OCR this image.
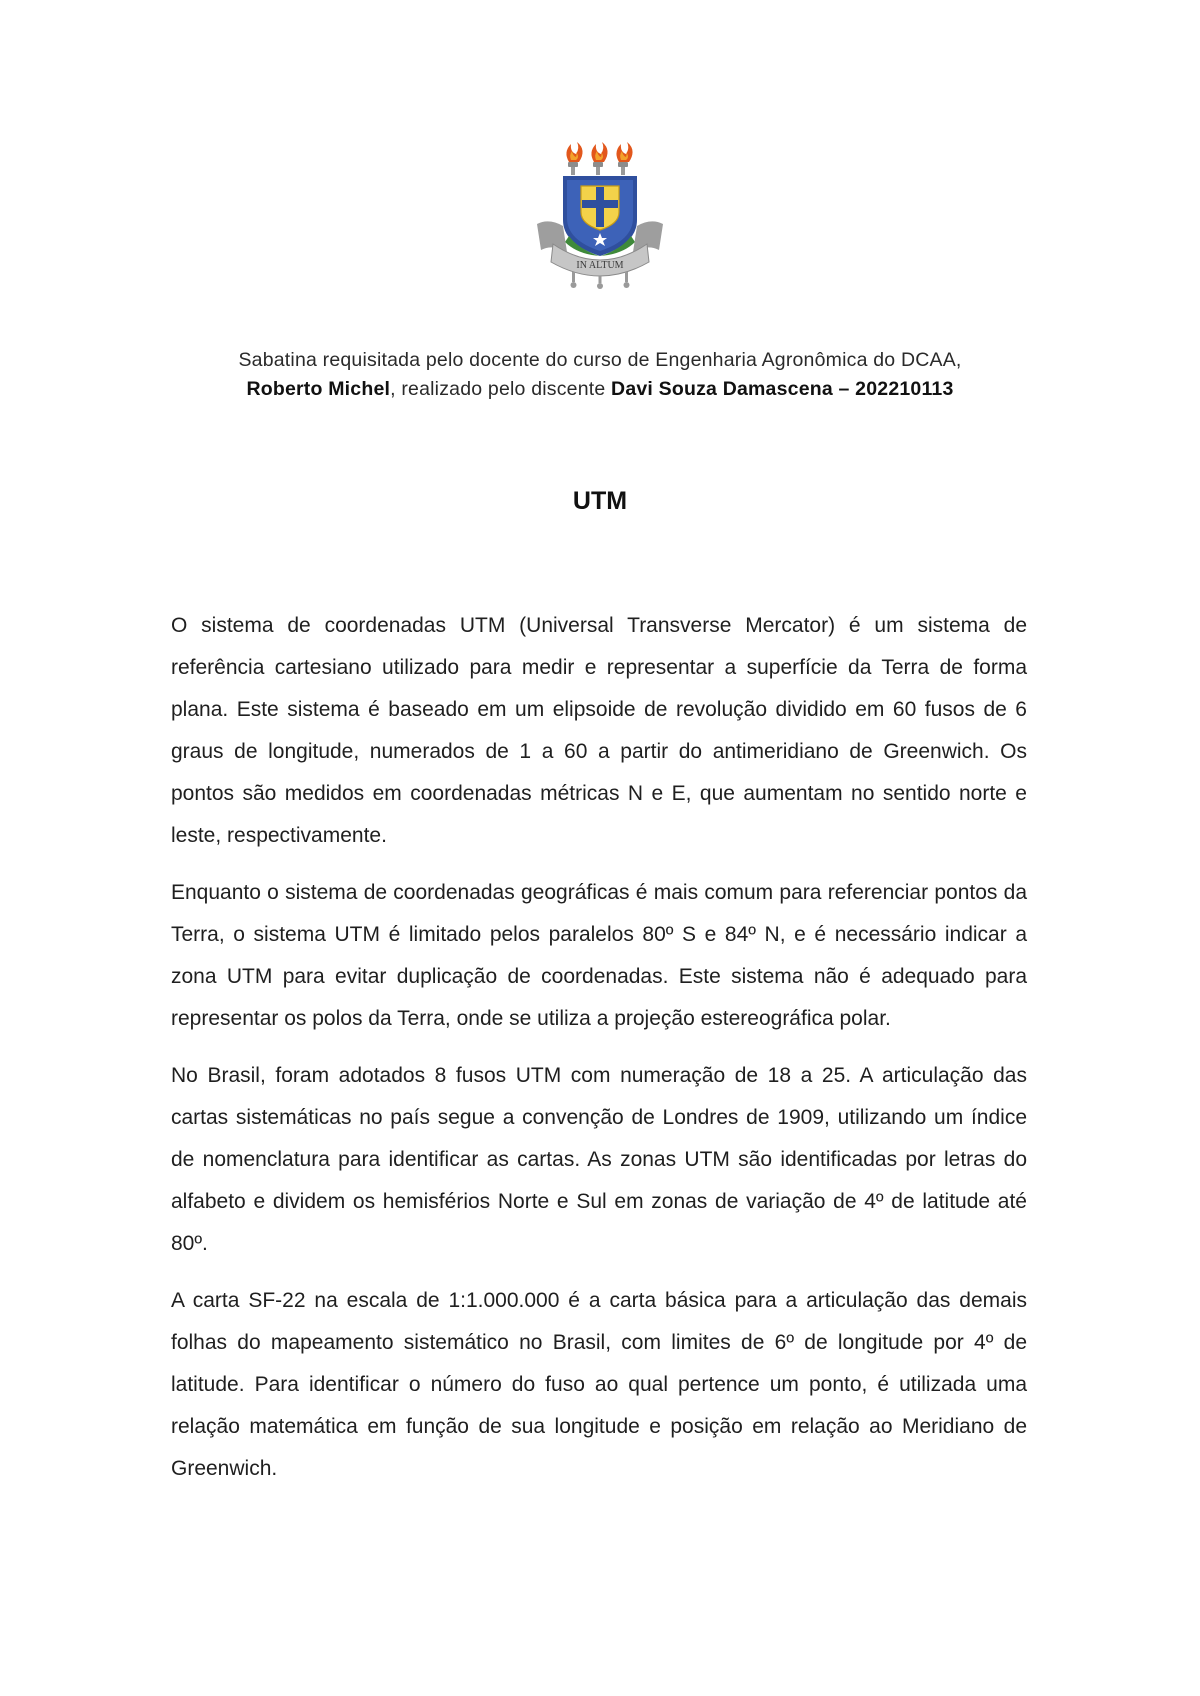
IN ALTUM
Sabatina requisitada pelo docente do curso de Engenharia Agronômica do DCAA,
Roberto Michel, realizado pelo discente Davi Souza Damascena – 202210113
UTM

O sistema de coordenadas UTM (Universal Transverse Mercator) é um sistema de referência cartesiano utilizado para medir e representar a superfície da Terra de forma plana. Este sistema é baseado em um elipsoide de revolução dividido em 60 fusos de 6 graus de longitude, numerados de 1 a 60 a partir do antimeridiano de Greenwich. Os pontos são medidos em coordenadas métricas N e E, que aumentam no sentido norte e leste, respectivamente.

Enquanto o sistema de coordenadas geográficas é mais comum para referenciar pontos da Terra, o sistema UTM é limitado pelos paralelos 80º S e 84º N, e é necessário indicar a zona UTM para evitar duplicação de coordenadas. Este sistema não é adequado para representar os polos da Terra, onde se utiliza a projeção estereográfica polar.

No Brasil, foram adotados 8 fusos UTM com numeração de 18 a 25. A articulação das cartas sistemáticas no país segue a convenção de Londres de 1909, utilizando um índice de nomenclatura para identificar as cartas. As zonas UTM são identificadas por letras do alfabeto e dividem os hemisférios Norte e Sul em zonas de variação de 4º de latitude até 80º.

A carta SF-22 na escala de 1:1.000.000 é a carta básica para a articulação das demais folhas do mapeamento sistemático no Brasil, com limites de 6º de longitude por 4º de latitude. Para identificar o número do fuso ao qual pertence um ponto, é utilizada uma relação matemática em função de sua longitude e posição em relação ao Meridiano de Greenwich.
